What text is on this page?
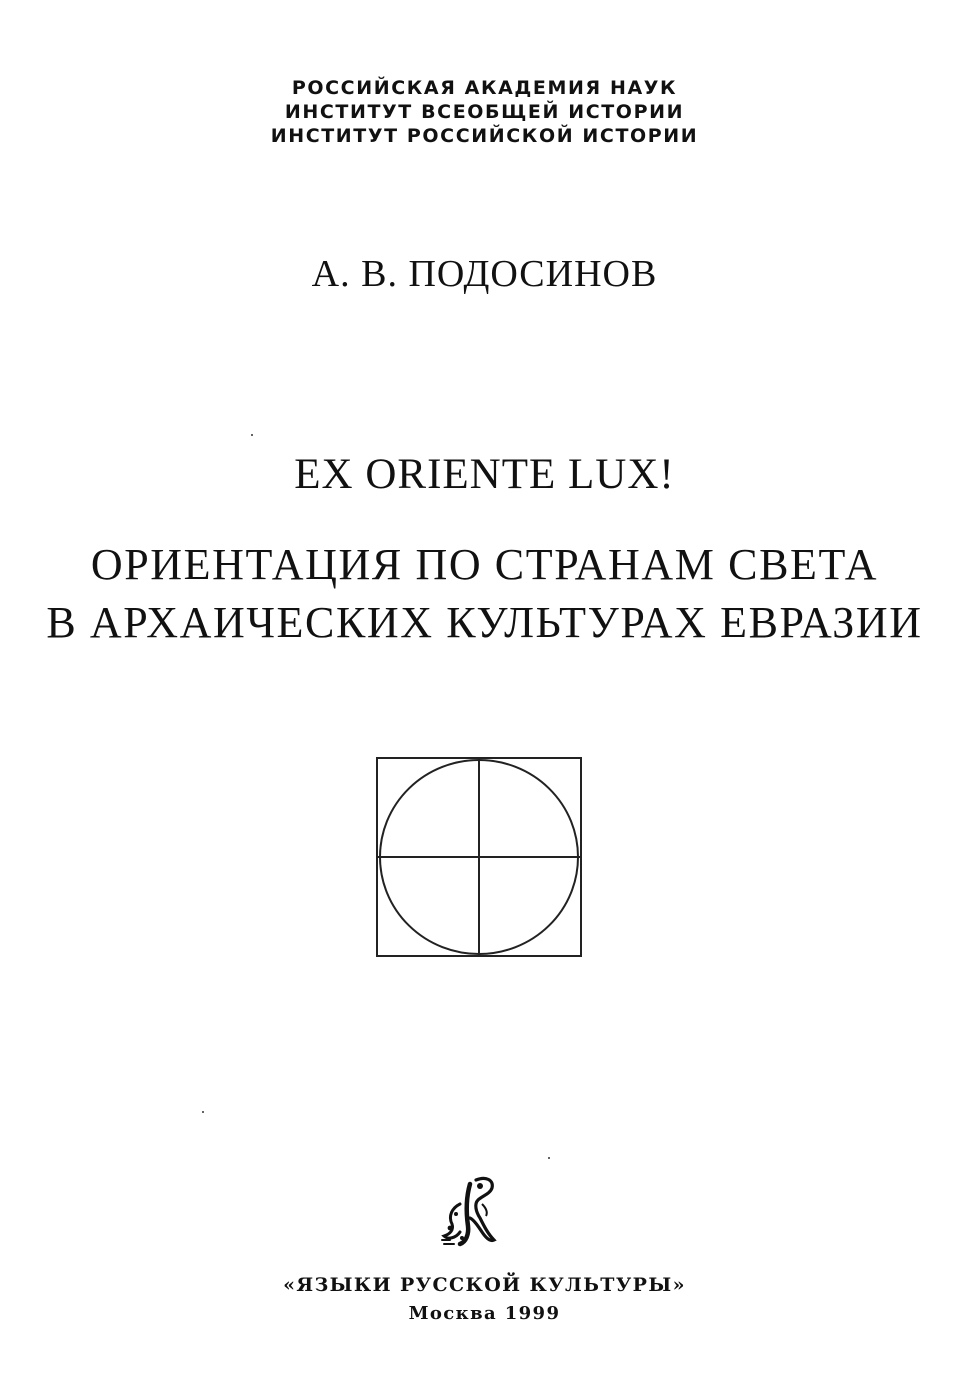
РОССИЙСКАЯ АКАДЕМИЯ НАУК
ИНСТИТУТ ВСЕОБЩЕЙ ИСТОРИИ
ИНСТИТУТ РОССИЙСКОЙ ИСТОРИИ
А. В. ПОДОСИНОВ
EX ORIENTE LUX!
ОРИЕНТАЦИЯ ПО СТРАНАМ СВЕТА
В АРХАИЧЕСКИХ КУЛЬТУРАХ ЕВРАЗИИ
«ЯЗЫКИ РУССКОЙ КУЛЬТУРЫ»
Москва 1999
